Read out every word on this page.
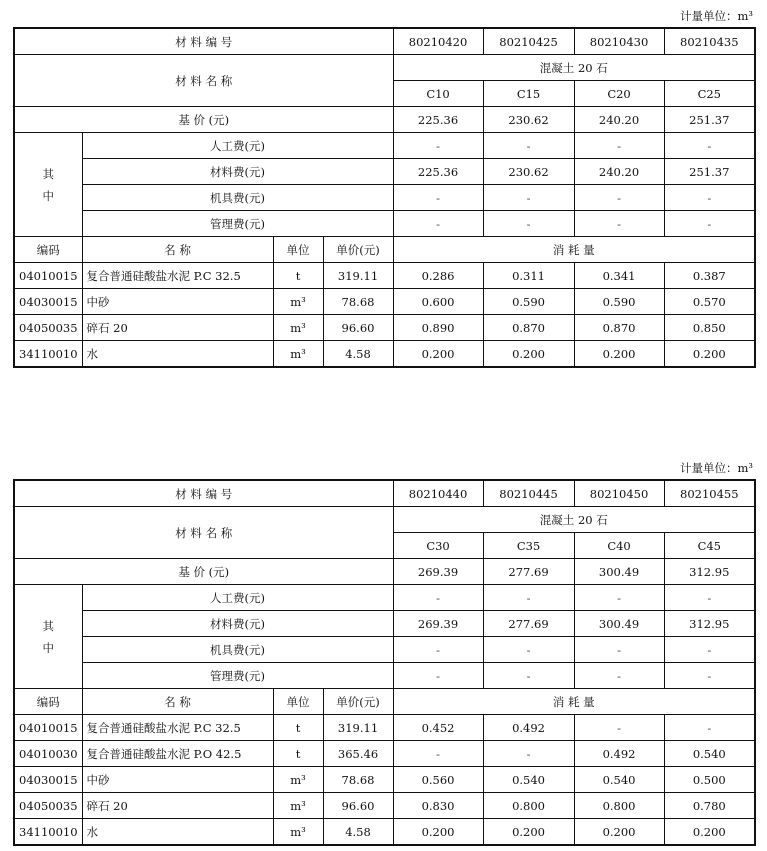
计量单位：m³
材 料 编 号				80210420	80210425	80210430	80210435
材 料 名 称				混凝土 20 石			
				C10	C15	C20	C25
基 价 (元)				225.36	230.62	240.20	251.37
其
中	人工费(元)			-	-	-	-
	材料费(元)			225.36	230.62	240.20	251.37
	机具费(元)			-	-	-	-
	管理费(元)			-	-	-	-
编码	名 称	单位	单价(元)	消 耗 量			
04010015	复合普通硅酸盐水泥 P.C 32.5	t	319.11	0.286	0.311	0.341	0.387
04030015	中砂	m³	78.68	0.600	0.590	0.590	0.570
04050035	碎石 20	m³	96.60	0.890	0.870	0.870	0.850
34110010	水	m³	4.58	0.200	0.200	0.200	0.200
计量单位：m³
材 料 编 号				80210440	80210445	80210450	80210455
材 料 名 称				混凝土 20 石			
				C30	C35	C40	C45
基 价 (元)				269.39	277.69	300.49	312.95
其
中	人工费(元)			-	-	-	-
	材料费(元)			269.39	277.69	300.49	312.95
	机具费(元)			-	-	-	-
	管理费(元)			-	-	-	-
编码	名 称	单位	单价(元)	消 耗 量			
04010015	复合普通硅酸盐水泥 P.C 32.5	t	319.11	0.452	0.492	-	-
04010030	复合普通硅酸盐水泥 P.O 42.5	t	365.46	-	-	0.492	0.540
04030015	中砂	m³	78.68	0.560	0.540	0.540	0.500
04050035	碎石 20	m³	96.60	0.830	0.800	0.800	0.780
34110010	水	m³	4.58	0.200	0.200	0.200	0.200
